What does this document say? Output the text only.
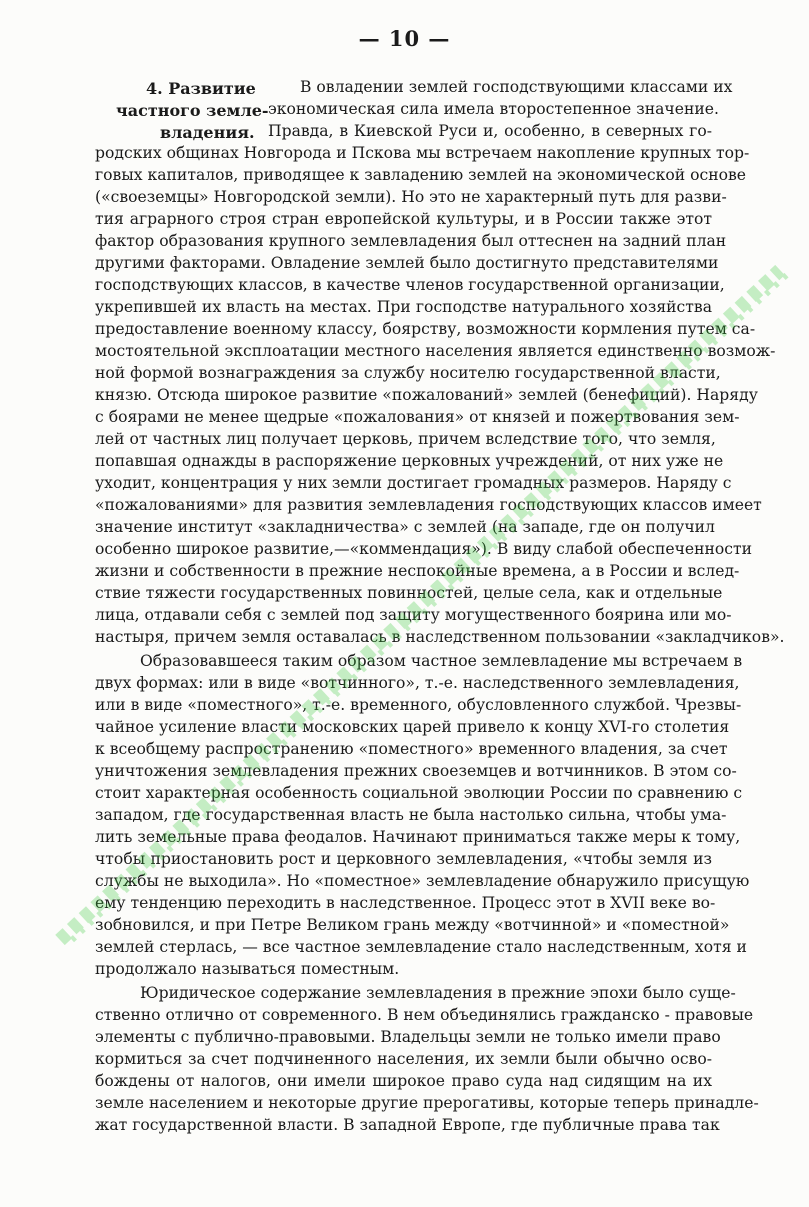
— 10 —
4. Развитие
частного земле-
владения.
В овладении землей господствующими классами их
экономическая сила имела второстепенное значение.
Правда, в Киевской Руси и, особенно, в северных го-
родских общинах Новгорода и Пскова мы встречаем накопление крупных тор-
говых капиталов, приводящее к завладению землей на экономической основе
(«своеземцы» Новгородской земли). Но это не характерный путь для разви-
тия аграрного строя стран европейской культуры, и в России также этот
фактор образования крупного землевладения был оттеснен на задний план
другими факторами. Овладение землей было достигнуто представителями
господствующих классов, в качестве членов государственной организации,
укрепившей их власть на местах. При господстве натурального хозяйства
предоставление военному классу, боярству, возможности кормления путем са-
мостоятельной эксплоатации местного населения является единственно возмож-
ной формой вознаграждения за службу носителю государственной власти,
князю. Отсюда широкое развитие «пожалований» землей (бенефиций). Наряду
с боярами не менее щедрые «пожалования» от князей и пожертвования зем-
лей от частных лиц получает церковь, причем вследствие того, что земля,
попавшая однажды в распоряжение церковных учреждений, от них уже не
уходит, концентрация у них земли достигает громадных размеров. Наряду с
«пожалованиями» для развития землевладения господствующих классов имеет
значение институт «закладничества» с землей (на западе, где он получил
особенно широкое развитие,—«коммендация»). В виду слабой обеспеченности
жизни и собственности в прежние неспокойные времена, а в России и вслед-
ствие тяжести государственных повинностей, целые села, как и отдельные
лица, отдавали себя с землей под защиту могущественного боярина или мо-
настыря, причем земля оставалась в наследственном пользовании «закладчиков».
Образовавшееся таким образом частное землевладение мы встречаем в
двух формах: или в виде «вотчинного», т.-е. наследственного землевладения,
или в виде «поместного», т.-е. временного, обусловленного службой. Чрезвы-
чайное усиление власти московских царей привело к концу XVI-го столетия
к всеобщему распространению «поместного» временного владения, за счет
уничтожения землевладения прежних своеземцев и вотчинников. В этом со-
стоит характерная особенность социальной эволюции России по сравнению с
западом, где государственная власть не была настолько сильна, чтобы ума-
лить земельные права феодалов. Начинают приниматься также меры к тому,
чтобы приостановить рост и церковного землевладения, «чтобы земля из
службы не выходила». Но «поместное» землевладение обнаружило присущую
ему тенденцию переходить в наследственное. Процесс этот в XVII веке во-
зобновился, и при Петре Великом грань между «вотчинной» и «поместной»
землей стерлась, — все частное землевладение стало наследственным, хотя и
продолжало называться поместным.
Юридическое содержание землевладения в прежние эпохи было суще-
ственно отлично от современного. В нем объединялись гражданско - правовые
элементы с публично-правовыми. Владельцы земли не только имели право
кормиться за счет подчиненного населения, их земли были обычно осво-
бождены от налогов, они имели широкое право суда над сидящим на их
земле населением и некоторые другие прерогативы, которые теперь принадле-
жат государственной власти. В западной Европе, где публичные права так
